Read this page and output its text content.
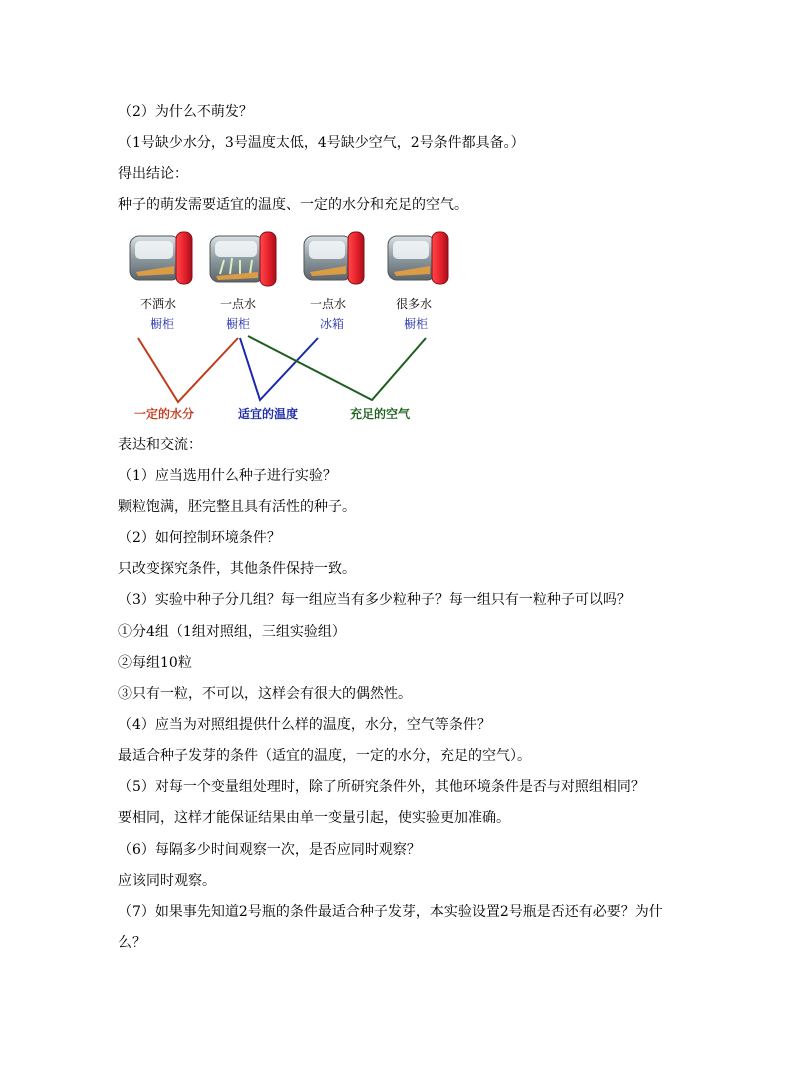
（2）为什么不萌发？

（1号缺少水分，3号温度太低，4号缺少空气，2号条件都具备。）

得出结论：

种子的萌发需要适宜的温度、一定的水分和充足的空气。

不洒水
橱柜
一点水
橱柜
一点水
冰箱
很多水
橱柜
一定的水分	适宜的温度	充足的空气

表达和交流：

（1）应当选用什么种子进行实验？

颗粒饱满，胚完整且具有活性的种子。

（2）如何控制环境条件？

只改变探究条件，其他条件保持一致。

（3）实验中种子分几组？每一组应当有多少粒种子？每一组只有一粒种子可以吗？

①分4组（1组对照组，三组实验组）

②每组10粒

③只有一粒，不可以，这样会有很大的偶然性。

（4）应当为对照组提供什么样的温度，水分，空气等条件？

最适合种子发芽的条件（适宜的温度，一定的水分，充足的空气）。

（5）对每一个变量组处理时，除了所研究条件外，其他环境条件是否与对照组相同？

要相同，这样才能保证结果由单一变量引起，使实验更加准确。

（6）每隔多少时间观察一次，是否应同时观察？

应该同时观察。

（7）如果事先知道2号瓶的条件最适合种子发芽，本实验设置2号瓶是否还有必要？为什

么？
